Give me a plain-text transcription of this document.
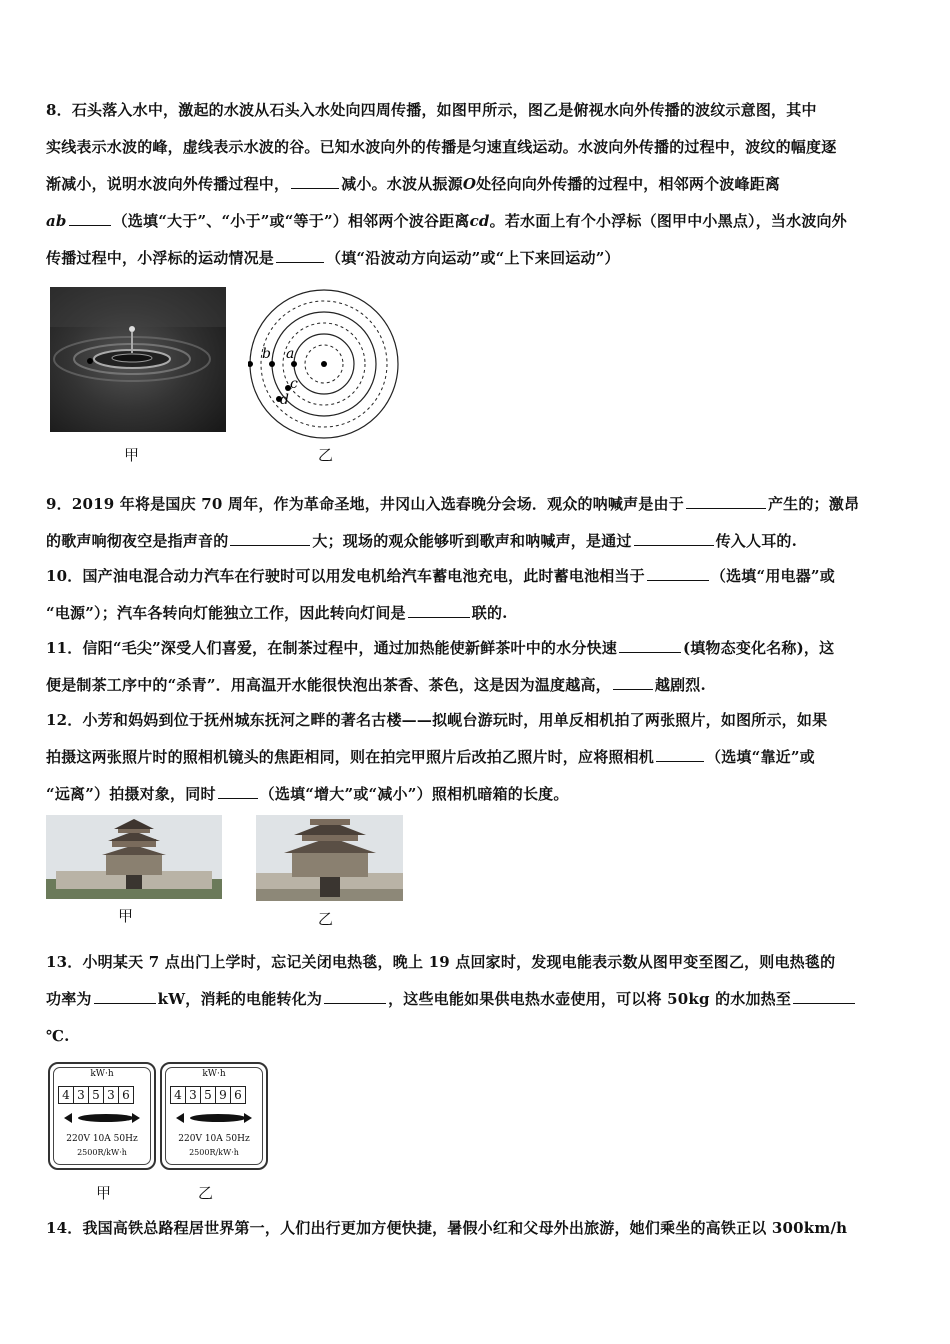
8．石头落入水中，激起的水波从石头入水处向四周传播，如图甲所示，图乙是俯视水向外传播的波纹示意图，其中

实线表示水波的峰，虚线表示水波的谷。已知水波向外的传播是匀速直线运动。水波向外传播的过程中，波纹的幅度逐

渐减小，说明水波向外传播过程中，	减小。水波从振源O处径向向外传播的过程中，相邻两个波峰距离

ab	（选填“大于”、“小于”或“等于”）相邻两个波谷距离cd。若水面上有个小浮标（图甲中小黑点），当水波向外

传播过程中，小浮标的运动情况是	（填“沿波动方向运动”或“上下来回运动”）

甲
b a
c
d
乙

9．2019 年将是国庆 70 周年，作为革命圣地，井冈山入选春晚分会场．观众的呐喊声是由于	产生的；激昂

的歌声响彻夜空是指声音的	大；现场的观众能够听到歌声和呐喊声，是通过	传入人耳的.

10．国产油电混合动力汽车在行驶时可以用发电机给汽车蓄电池充电，此时蓄电池相当于	（选填“用电器”或

“电源”）；汽车各转向灯能独立工作，因此转向灯间是	联的.

11．信阳“毛尖”深受人们喜爱，在制茶过程中，通过加热能使新鲜茶叶中的水分快速	(填物态变化名称)，这

便是制茶工序中的“杀青”．用高温开水能很快泡出茶香、茶色，这是因为温度越高，	越剧烈.

12．小芳和妈妈到位于抚州城东抚河之畔的著名古楼——拟岘台游玩时，用单反相机拍了两张照片，如图所示，如果

拍摄这两张照片时的照相机镜头的焦距相同，则在拍完甲照片后改拍乙照片时，应将照相机	（选填“靠近”或

“远离”）拍摄对象，同时	（选填“增大”或“减小”）照相机暗箱的长度。

甲	乙

13．小明某天 7 点出门上学时，忘记关闭电热毯，晚上 19 点回家时，发现电能表示数从图甲变至图乙，则电热毯的

功率为	kW，消耗的电能转化为	，这些电能如果供电热水壶使用，可以将 50kg 的水加热至

℃.

kW·h
4 3 5 3 6
220V 10A 50Hz
2500R/kW·h
甲
kW·h
4 3 5 9 6
220V 10A 50Hz
2500R/kW·h
乙

14．我国高铁总路程居世界第一，人们出行更加方便快捷，暑假小红和父母外出旅游，她们乘坐的高铁正以 300km/h
